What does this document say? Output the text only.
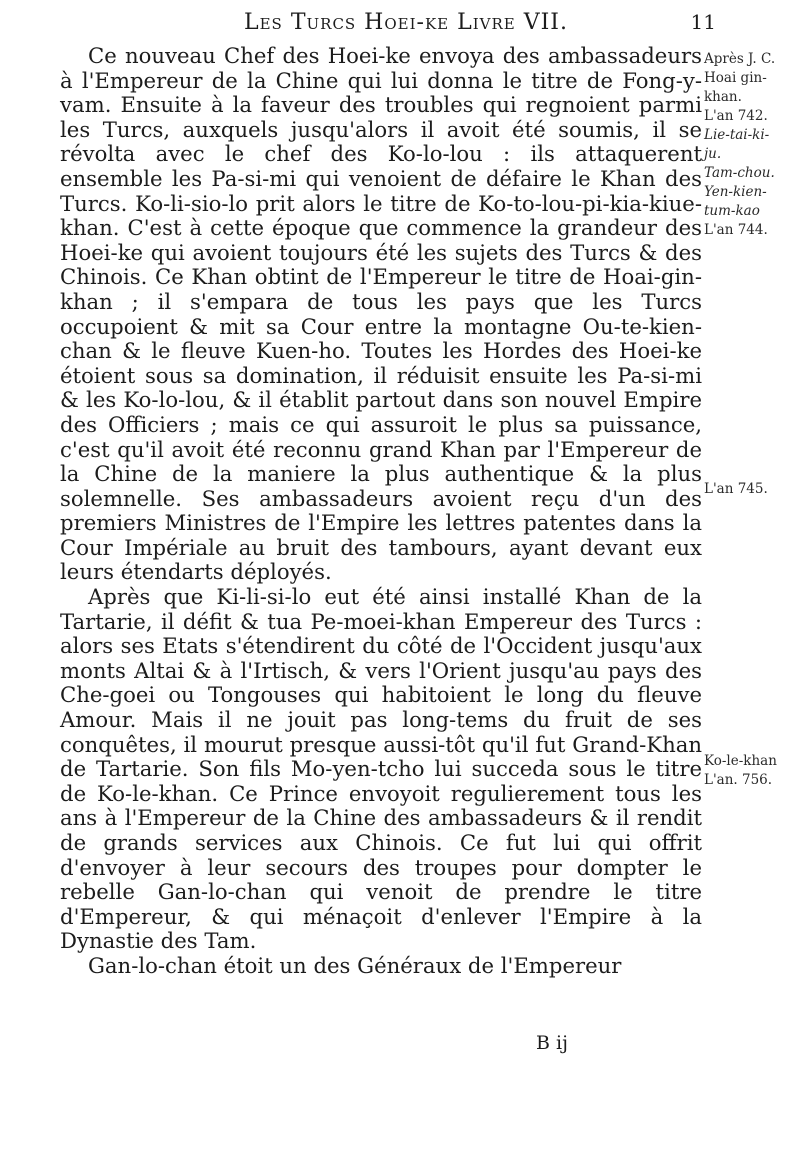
Les Turcs Hoei-ke Livre VII.	11

Ce nouveau Chef des Hoei-ke envoya des ambassadeurs à l'Empereur de la Chine qui lui donna le titre de Fong-y-vam. Ensuite à la faveur des troubles qui regnoient parmi les Turcs, auxquels jusqu'alors il avoit été soumis, il se révolta avec le chef des Ko-lo-lou : ils attaquerent ensemble les Pa-si-mi qui venoient de défaire le Khan des Turcs. Ko-li-sio-lo prit alors le titre de Ko-to-lou-pi-kia-kiue-khan. C'est à cette époque que commence la grandeur des Hoei-ke qui avoient toujours été les sujets des Turcs & des Chinois. Ce Khan obtint de l'Empereur le titre de Hoai-gin-khan ; il s'empara de tous les pays que les Turcs occupoient & mit sa Cour entre la montagne Ou-te-kien-chan & le fleuve Kuen-ho. Toutes les Hordes des Hoei-ke étoient sous sa domination, il réduisit ensuite les Pa-si-mi & les Ko-lo-lou, & il établit partout dans son nouvel Empire des Officiers ; mais ce qui assuroit le plus sa puissance, c'est qu'il avoit été reconnu grand Khan par l'Empereur de la Chine de la maniere la plus authentique & la plus solemnelle. Ses ambassadeurs avoient reçu d'un des premiers Ministres de l'Empire les lettres patentes dans la Cour Impériale au bruit des tambours, ayant devant eux leurs étendarts déployés.

Après que Ki-li-si-lo eut été ainsi installé Khan de la Tartarie, il défit & tua Pe-moei-khan Empereur des Turcs : alors ses Etats s'étendirent du côté de l'Occident jusqu'aux monts Altai & à l'Irtisch, & vers l'Orient jusqu'au pays des Che-goei ou Tongouses qui habitoient le long du fleuve Amour. Mais il ne jouit pas long-tems du fruit de ses conquêtes, il mourut presque aussi-tôt qu'il fut Grand-Khan de Tartarie. Son fils Mo-yen-tcho lui succeda sous le titre de Ko-le-khan. Ce Prince envoyoit regulierement tous les ans à l'Empereur de la Chine des ambassadeurs & il rendit de grands services aux Chinois. Ce fut lui qui offrit d'envoyer à leur secours des troupes pour dompter le rebelle Gan-lo-chan qui venoit de prendre le titre d'Empereur, & qui ménaçoit d'enlever l'Empire à la Dynastie des Tam.

Gan-lo-chan étoit un des Généraux de l'Empereur

Après J. C.
Hoai gin-
khan.
L'an 742.
Lie-tai-ki-
ju.
Tam-chou.
Yen-kien-
tum-kao
L'an 744.
L'an 745.
Ko-le-khan
L'an. 756.
B ij
